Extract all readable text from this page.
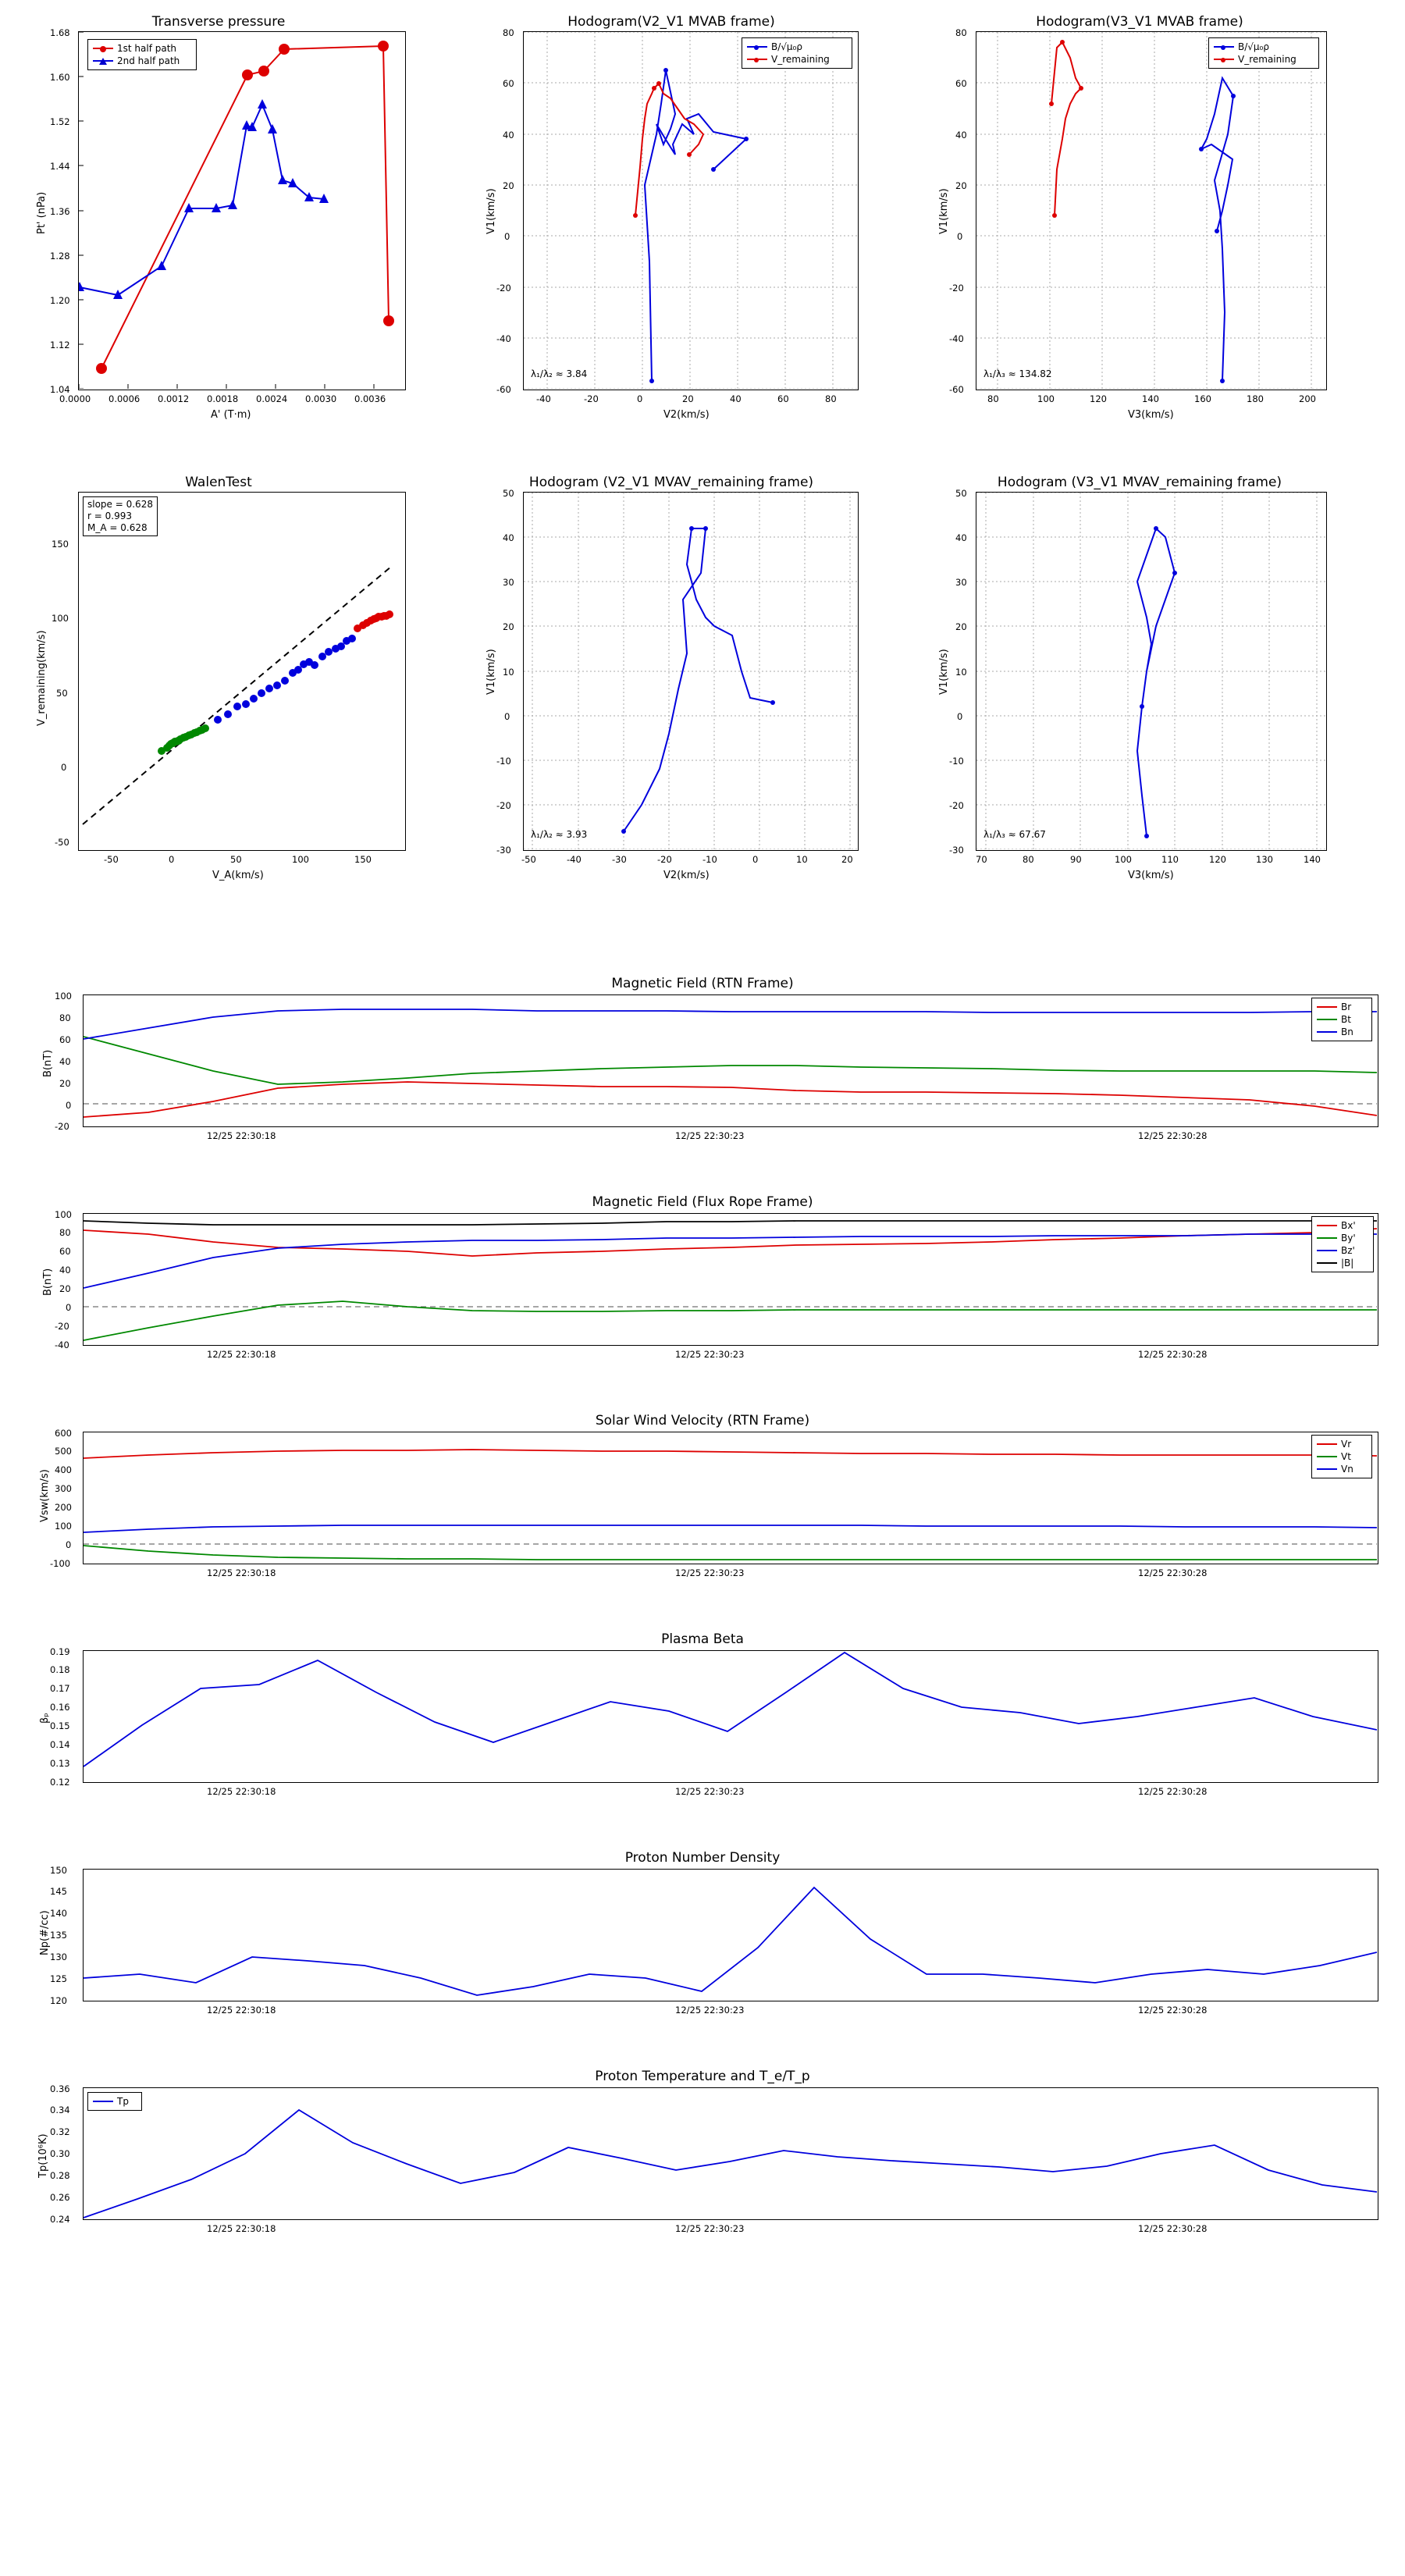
Transverse pressure
1.04
1.12
1.20
1.28
1.36
1.44
1.52
1.60
1.68
0.0000 0.0006 0.0012 0.0018 0.0024 0.0030 0.0036
A' (T·m)
Pt' (nPa)
1st half path
2nd half path
Hodogram(V2_V1 MVAB frame)
-60
-40
-20
0
20
40
60
80
-40	-20	0	20	40	60	80
V2(km/s)
V1(km/s)
λ₁/λ₂ ≈ 3.84
B/√μ₀ρ
V_remaining
Hodogram(V3_V1 MVAB frame)
-60
-40
-20
0
20
40
60
80
80	100	120	140	160	180	200
V3(km/s)
V1(km/s)
λ₁/λ₃ ≈ 134.82
B/√μ₀ρ
V_remaining
WalenTest
-50
0
50
100
150
-50	0	50	100	150
V_A(km/s)
V_remaining(km/s)
slope = 0.628
r = 0.993
M_A = 0.628
Hodogram (V2_V1 MVAV_remaining frame)
-30
-20
-10
0
10
20
30
40
50
-50	-40	-30	-20	-10	0	10	20
V2(km/s)
V1(km/s)
λ₁/λ₂ ≈ 3.93
Hodogram (V3_V1 MVAV_remaining frame)
-30
-20
-10
0
10
20
30
40
50
70	80	90	100	110	120	130	140
V3(km/s)
V1(km/s)
λ₁/λ₃ ≈ 67.67
Magnetic Field (RTN Frame)
-20
0
20
40
60
80
100
12/25 22:30:18	12/25 22:30:23	12/25 22:30:28
B(nT)
Br
Bt
Bn
Magnetic Field (Flux Rope Frame)
-40
-20
0
20
40
60
80
100
12/25 22:30:18	12/25 22:30:23	12/25 22:30:28
B(nT)
Bx'
By'
Bz'
|B|
Solar Wind Velocity (RTN Frame)
-100
0
100
200
300
400
500
600
12/25 22:30:18	12/25 22:30:23	12/25 22:30:28
Vsw(km/s)
Vr
Vt
Vn
Plasma Beta
0.12
0.13
0.14
0.15
0.16
0.17
0.18
0.19
12/25 22:30:18	12/25 22:30:23	12/25 22:30:28
βₚ
Proton Number Density
120
125
130
135
140
145
150
12/25 22:30:18	12/25 22:30:23	12/25 22:30:28
Np(#/cc)
Proton Temperature and T_e/T_p
0.24
0.26
0.28
0.30
0.32
0.34
0.36
12/25 22:30:18	12/25 22:30:23	12/25 22:30:28
Tp(10⁶K)
Tp
